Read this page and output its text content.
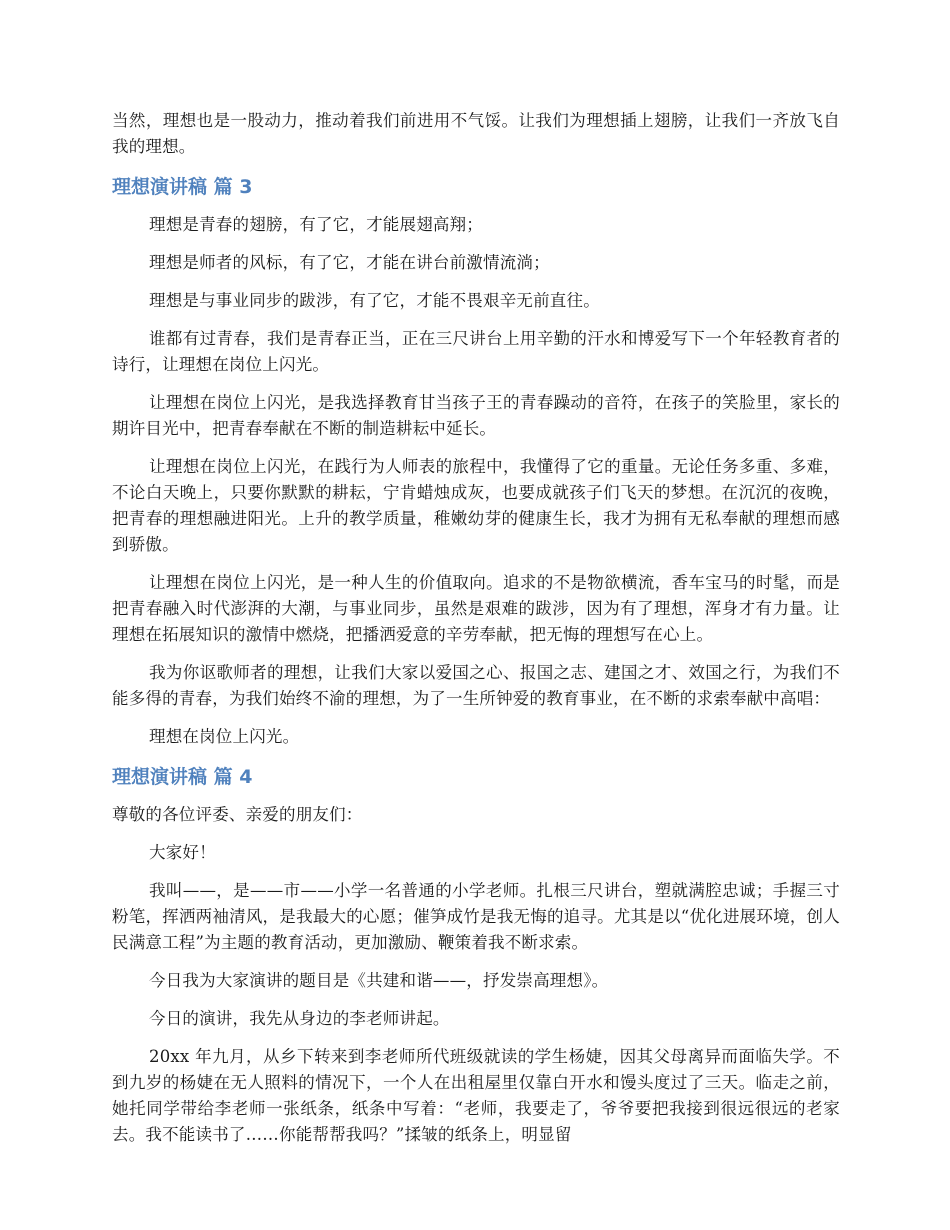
当然，理想也是一股动力，推动着我们前进用不气馁。让我们为理想插上翅膀，让我们一齐放飞自我的理想。

理想演讲稿 篇 3

理想是青春的翅膀，有了它，才能展翅高翔；

理想是师者的风标，有了它，才能在讲台前激情流淌；

理想是与事业同步的跋涉，有了它，才能不畏艰辛无前直往。

谁都有过青春，我们是青春正当，正在三尺讲台上用辛勤的汗水和博爱写下一个年轻教育者的诗行，让理想在岗位上闪光。

让理想在岗位上闪光，是我选择教育甘当孩子王的青春躁动的音符，在孩子的笑脸里，家长的期许目光中，把青春奉献在不断的制造耕耘中延长。

让理想在岗位上闪光，在践行为人师表的旅程中，我懂得了它的重量。无论任务多重、多难，不论白天晚上，只要你默默的耕耘，宁肯蜡烛成灰，也要成就孩子们飞天的梦想。在沉沉的夜晚，把青春的理想融进阳光。上升的教学质量，稚嫩幼芽的健康生长，我才为拥有无私奉献的理想而感到骄傲。

让理想在岗位上闪光，是一种人生的价值取向。追求的不是物欲横流，香车宝马的时髦，而是把青春融入时代澎湃的大潮，与事业同步，虽然是艰难的跋涉，因为有了理想，浑身才有力量。让理想在拓展知识的激情中燃烧，把播洒爱意的辛劳奉献，把无悔的理想写在心上。

我为你讴歌师者的理想，让我们大家以爱国之心、报国之志、建国之才、效国之行，为我们不能多得的青春，为我们始终不渝的理想，为了一生所钟爱的教育事业，在不断的求索奉献中高唱：

理想在岗位上闪光。

理想演讲稿 篇 4

尊敬的各位评委、亲爱的朋友们：

大家好！

我叫——，是——市——小学一名普通的小学老师。扎根三尺讲台，塑就满腔忠诚；手握三寸粉笔，挥洒两袖清风，是我最大的心愿；催笋成竹是我无悔的追寻。尤其是以“优化进展环境，创人民满意工程”为主题的教育活动，更加激励、鞭策着我不断求索。

今日我为大家演讲的题目是《共建和谐——，抒发崇高理想》。

今日的演讲，我先从身边的李老师讲起。

20xx 年九月，从乡下转来到李老师所代班级就读的学生杨婕，因其父母离异而面临失学。不到九岁的杨婕在无人照料的情况下，一个人在出租屋里仅靠白开水和馒头度过了三天。临走之前，她托同学带给李老师一张纸条，纸条中写着：“老师，我要走了，爷爷要把我接到很远很远的老家去。我不能读书了……你能帮帮我吗？”揉皱的纸条上，明显留
